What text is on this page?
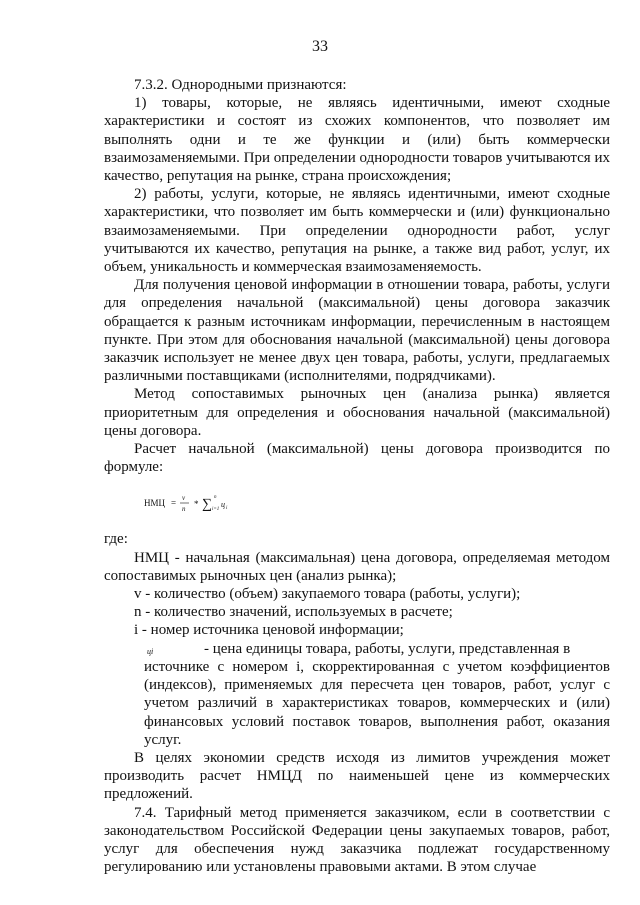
33

7.3.2. Однородными признаются:

1) товары, которые, не являясь идентичными, имеют сходные характеристики и состоят из схожих компонентов, что позволяет им выполнять одни и те же функции и (или) быть коммерчески взаимозаменяемыми. При определении однородности товаров учитываются их качество, репутация на рынке, страна происхождения;

2) работы, услуги, которые, не являясь идентичными, имеют сходные характеристики, что позволяет им быть коммерчески и (или) функционально взаимозаменяемыми. При определении однородности работ, услуг учитываются их качество, репутация на рынке, а также вид работ, услуг, их объем, уникальность и коммерческая взаимозаменяемость.

Для получения ценовой информации в отношении товара, работы, услуги для определения начальной (максимальной) цены договора заказчик обращается к разным источникам информации, перечисленным в настоящем пункте. При этом для обоснования начальной (максимальной) цены договора заказчик использует не менее двух цен товара, работы, услуги, предлагаемых различными поставщиками (исполнителями, подрядчиками).

Метод сопоставимых рыночных цен (анализа рынка) является приоритетным для определения и обоснования начальной (максимальной) цены договора.

Расчет начальной (максимальной) цены договора производится по формуле:

НМЦ = v
n * ∑ n
i=1
ц i

где:

НМЦ - начальная (максимальная) цена договора, определяемая методом сопоставимых рыночных цен (анализ рынка);

v - количество (объем) закупаемого товара (работы, услуги);

n - количество значений, используемых в расчете;

i - номер источника ценовой информации;

цi	- цена единицы товара, работы, услуги, представленная в

источнике с номером i, скорректированная с учетом коэффициентов (индексов), применяемых для пересчета цен товаров, работ, услуг с учетом различий в характеристиках товаров, коммерческих и (или) финансовых условий поставок товаров, выполнения работ, оказания услуг.

В целях экономии средств исходя из лимитов учреждения может производить расчет НМЦД по наименьшей цене из коммерческих предложений.

7.4. Тарифный метод применяется заказчиком, если в соответствии с законодательством Российской Федерации цены закупаемых товаров, работ, услуг для обеспечения нужд заказчика подлежат государственному регулированию или установлены правовыми актами. В этом случае
